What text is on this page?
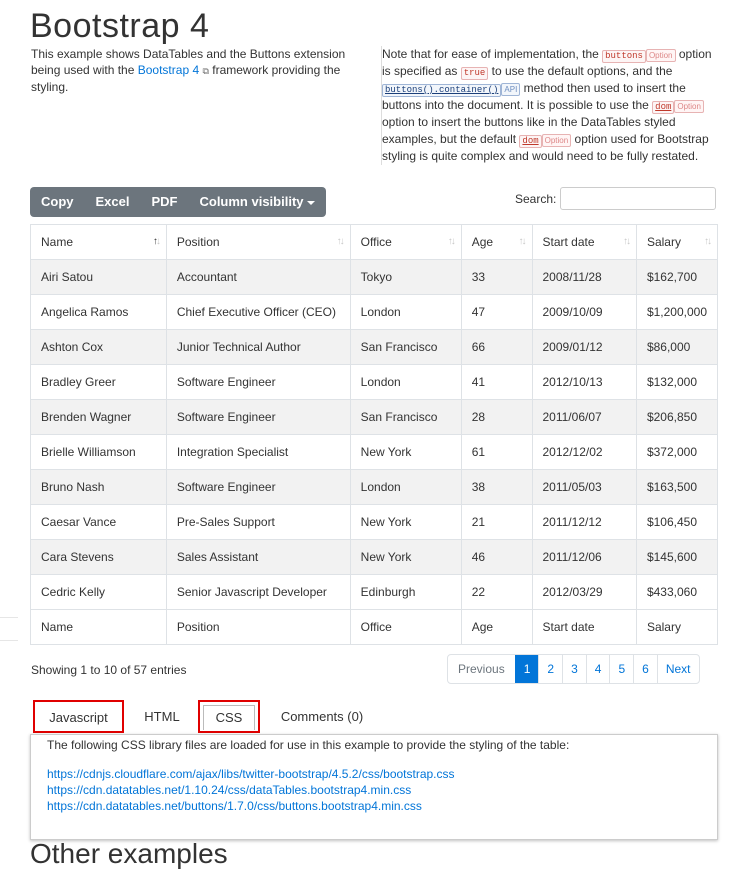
Bootstrap 4
This example shows DataTables and the Buttons extension being used with the Bootstrap 4 ⧉ framework providing the styling.
Note that for ease of implementation, the buttons Option option is specified as true to use the default options, and the buttons().container() API method then used to insert the buttons into the document. It is possible to use the dom Option option to insert the buttons like in the DataTables styled examples, but the default dom Option option used for Bootstrap styling is quite complex and would need to be fully restated.
Copy	Excel	PDF	Column visibility	Search:
Name ↑↓	Position ↑↓	Office ↑↓	Age ↑↓	Start date ↑↓	Salary ↑↓

Airi Satou	Accountant	Tokyo	33	2008/11/28	$162,700
Angelica Ramos	Chief Executive Officer (CEO)	London	47	2009/10/09	$1,200,000
Ashton Cox	Junior Technical Author	San Francisco	66	2009/01/12	$86,000
Bradley Greer	Software Engineer	London	41	2012/10/13	$132,000
Brenden Wagner	Software Engineer	San Francisco	28	2011/06/07	$206,850
Brielle Williamson	Integration Specialist	New York	61	2012/12/02	$372,000
Bruno Nash	Software Engineer	London	38	2011/05/03	$163,500
Caesar Vance	Pre-Sales Support	New York	21	2011/12/12	$106,450
Cara Stevens	Sales Assistant	New York	46	2011/12/06	$145,600
Cedric Kelly	Senior Javascript Developer	Edinburgh	22	2012/03/29	$433,060
Name	Position	Office	Age	Start date	Salary
Showing 1 to 10 of 57 entries	Previous	1	2	3	4	5	6	Next
Javascript	HTML	CSS	Comments (0)
The following CSS library files are loaded for use in this example to provide the styling of the table:
https://cdnjs.cloudflare.com/ajax/libs/twitter-bootstrap/4.5.2/css/bootstrap.css
https://cdn.datatables.net/1.10.24/css/dataTables.bootstrap4.min.css
https://cdn.datatables.net/buttons/1.7.0/css/buttons.bootstrap4.min.css
Other examples
